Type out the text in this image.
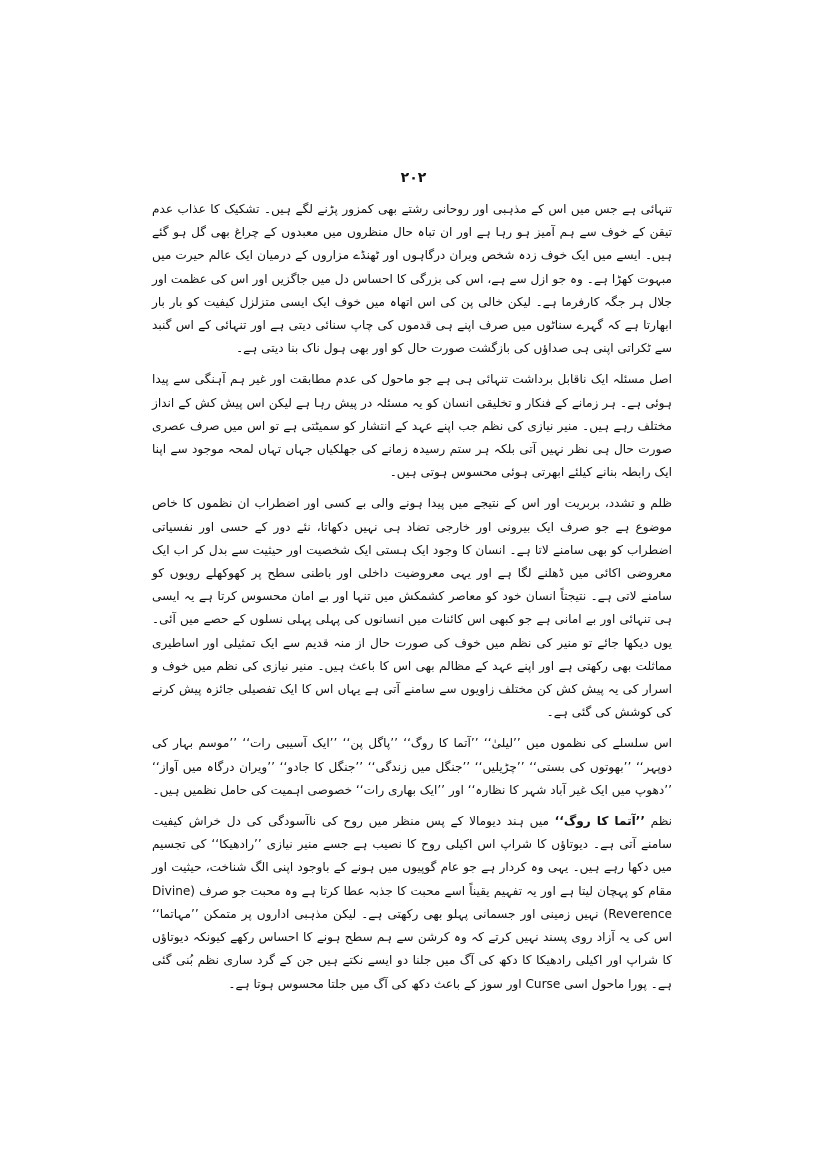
۲۰۲

تنہائی ہے جس میں اس کے مذہبی اور روحانی رشتے بھی کمزور پڑنے لگے ہیں۔ تشکیک کا عذاب عدم تیقن کے خوف سے ہم آمیز ہو رہا ہے اور ان تباہ حال منظروں میں معبدوں کے چراغ بھی گل ہو گئے ہیں۔ ایسے میں ایک خوف زدہ شخص ویران درگاہوں اور ٹھنڈے مزاروں کے درمیان ایک عالم حیرت میں مبہوت کھڑا ہے۔ وہ جو ازل سے ہے، اس کی بزرگی کا احساس دل میں جاگزیں اور اس کی عظمت اور جلال ہر جگہ کارفرما ہے۔ لیکن خالی پن کی اس اتھاہ میں خوف ایک ایسی متزلزل کیفیت کو بار بار ابھارتا ہے کہ گہرے سناٹوں میں صرف اپنے ہی قدموں کی چاپ سنائی دیتی ہے اور تنہائی کے اس گنبد سے ٹکراتی اپنی ہی صداؤں کی بازگشت صورت حال کو اور بھی ہول ناک بنا دیتی ہے۔

اصل مسئلہ ایک ناقابل برداشت تنہائی ہی ہے جو ماحول کی عدم مطابقت اور غیر ہم آہنگی سے پیدا ہوئی ہے۔ ہر زمانے کے فنکار و تخلیقی انسان کو یہ مسئلہ در پیش رہا ہے لیکن اس پیش کش کے انداز مختلف رہے ہیں۔ منیر نیازی کی نظم جب اپنے عہد کے انتشار کو سمیٹتی ہے تو اس میں صرف عصری صورت حال ہی نظر نہیں آتی بلکہ ہر ستم رسیدہ زمانے کی جھلکیاں جہاں تہاں لمحہ موجود سے اپنا ایک رابطہ بنانے کیلئے ابھرتی ہوئی محسوس ہوتی ہیں۔

ظلم و تشدد، بربریت اور اس کے نتیجے میں پیدا ہونے والی بے کسی اور اضطراب ان نظموں کا خاص موضوع ہے جو صرف ایک بیرونی اور خارجی تضاد ہی نہیں دکھاتا، نئے دور کے حسی اور نفسیاتی اضطراب کو بھی سامنے لاتا ہے۔ انسان کا وجود ایک ہستی ایک شخصیت اور حیثیت سے بدل کر اب ایک معروضی اکائی میں ڈھلنے لگا ہے اور یہی معروضیت داخلی اور باطنی سطح پر کھوکھلے رویوں کو سامنے لاتی ہے۔ نتیجتاً انسان خود کو معاصر کشمکش میں تنہا اور بے امان محسوس کرتا ہے یہ ایسی ہی تنہائی اور بے امانی ہے جو کبھی اس کائنات میں انسانوں کی پہلی پہلی نسلوں کے حصے میں آئی۔ یوں دیکھا جائے تو منیر کی نظم میں خوف کی صورت حال از منہ قدیم سے ایک تمثیلی اور اساطیری مماثلت بھی رکھتی ہے اور اپنے عہد کے مظالم بھی اس کا باعث ہیں۔ منیر نیازی کی نظم میں خوف و اسرار کی یہ پیش کش کن مختلف زاویوں سے سامنے آتی ہے یہاں اس کا ایک تفصیلی جائزہ پیش کرنے کی کوشش کی گئی ہے۔

اس سلسلے کی نظموں میں ’’لیلیٰ‘‘ ’’آتما کا روگ‘‘ ’’پاگل پن‘‘ ’’ایک آسیبی رات‘‘ ’’موسم بہار کی دوپہر‘‘ ’’بھوتوں کی بستی‘‘ ’’چڑیلیں‘‘ ’’جنگل میں زندگی‘‘ ’’جنگل کا جادو‘‘ ’’ویران درگاہ میں آواز‘‘ ’’دھوپ میں ایک غیر آباد شہر کا نظارہ‘‘ اور ’’ایک بھاری رات‘‘ خصوصی اہمیت کی حامل نظمیں ہیں۔

نظم ’’آتما کا روگ‘‘ میں ہند دیومالا کے پس منظر میں روح کی ناآسودگی کی دل خراش کیفیت سامنے آتی ہے۔ دیوتاؤں کا شراپ اس اکیلی روح کا نصیب ہے جسے منیر نیازی ’’رادھیکا‘‘ کی تجسیم میں دکھا رہے ہیں۔ یہی وہ کردار ہے جو عام گوپیوں میں ہونے کے باوجود اپنی الگ شناخت، حیثیت اور مقام کو پہچان لیتا ہے اور یہ تفہیم یقیناً اسے محبت کا جذبہ عطا کرتا ہے وہ محبت جو صرف (Divine Reverence) نہیں زمینی اور جسمانی پہلو بھی رکھتی ہے۔ لیکن مذہبی اداروں پر متمکن ’’مہاتما‘‘ اس کی یہ آزاد روی پسند نہیں کرتے کہ وہ کرشن سے ہم سطح ہونے کا احساس رکھے کیونکہ دیوتاؤں کا شراپ اور اکیلی رادھیکا کا دکھ کی آگ میں جلنا دو ایسے نکتے ہیں جن کے گرد ساری نظم بُنی گئی ہے۔ پورا ماحول اسی Curse اور سوز کے باعث دکھ کی آگ میں جلتا محسوس ہوتا ہے۔
